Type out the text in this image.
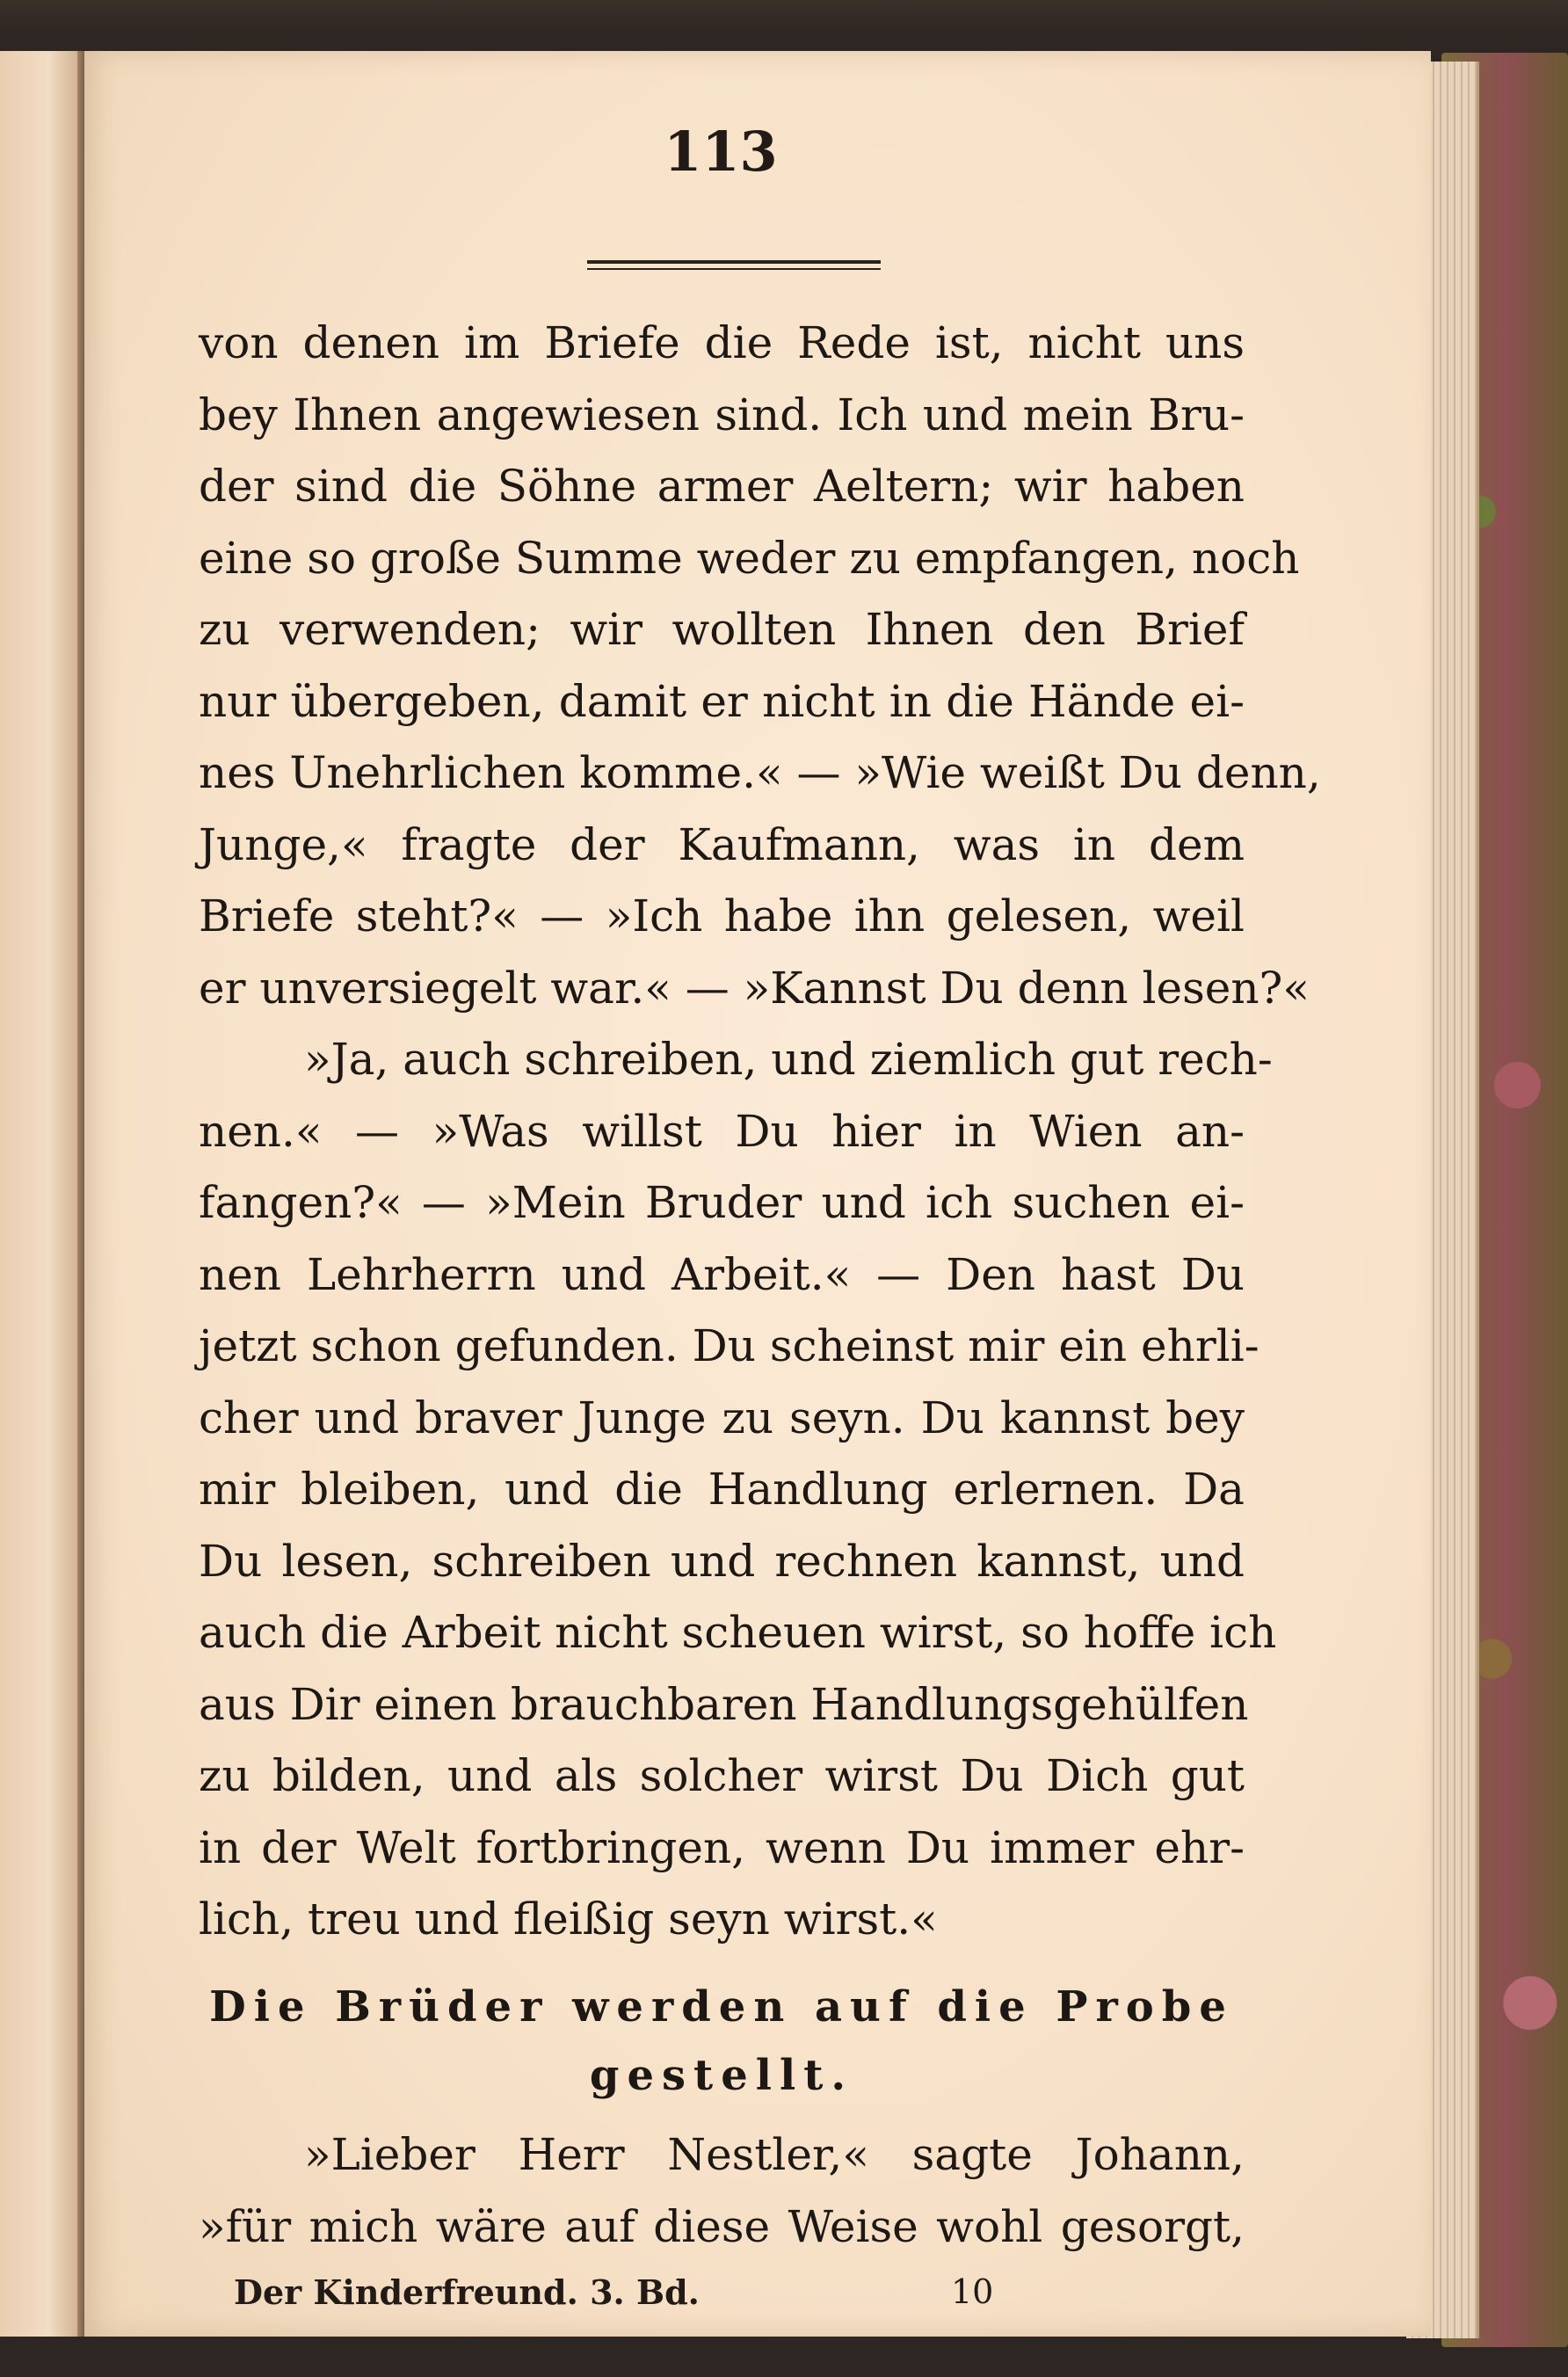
113
von denen im Briefe die Rede ist, nicht uns
bey Ihnen angewiesen sind. Ich und mein Bru-
der sind die Söhne armer Aeltern; wir haben
eine so große Summe weder zu empfangen, noch
zu verwenden; wir wollten Ihnen den Brief
nur übergeben, damit er nicht in die Hände ei-
nes Unehrlichen komme.« — »Wie weißt Du denn,
Junge,« fragte der Kaufmann, was in dem
Briefe steht?« — »Ich habe ihn gelesen, weil
er unversiegelt war.« — »Kannst Du denn lesen?«
»Ja, auch schreiben, und ziemlich gut rech-
nen.« — »Was willst Du hier in Wien an-
fangen?« — »Mein Bruder und ich suchen ei-
nen Lehrherrn und Arbeit.« — Den hast Du
jetzt schon gefunden. Du scheinst mir ein ehrli-
cher und braver Junge zu seyn. Du kannst bey
mir bleiben, und die Handlung erlernen. Da
Du lesen, schreiben und rechnen kannst, und
auch die Arbeit nicht scheuen wirst, so hoffe ich
aus Dir einen brauchbaren Handlungsgehülfen
zu bilden, und als solcher wirst Du Dich gut
in der Welt fortbringen, wenn Du immer ehr-
lich, treu und fleißig seyn wirst.«
Die Brüder werden auf die Probe
gestellt.
»Lieber Herr Nestler,« sagte Johann,
»für mich wäre auf diese Weise wohl gesorgt,
Der Kinderfreund. 3. Bd.	10
